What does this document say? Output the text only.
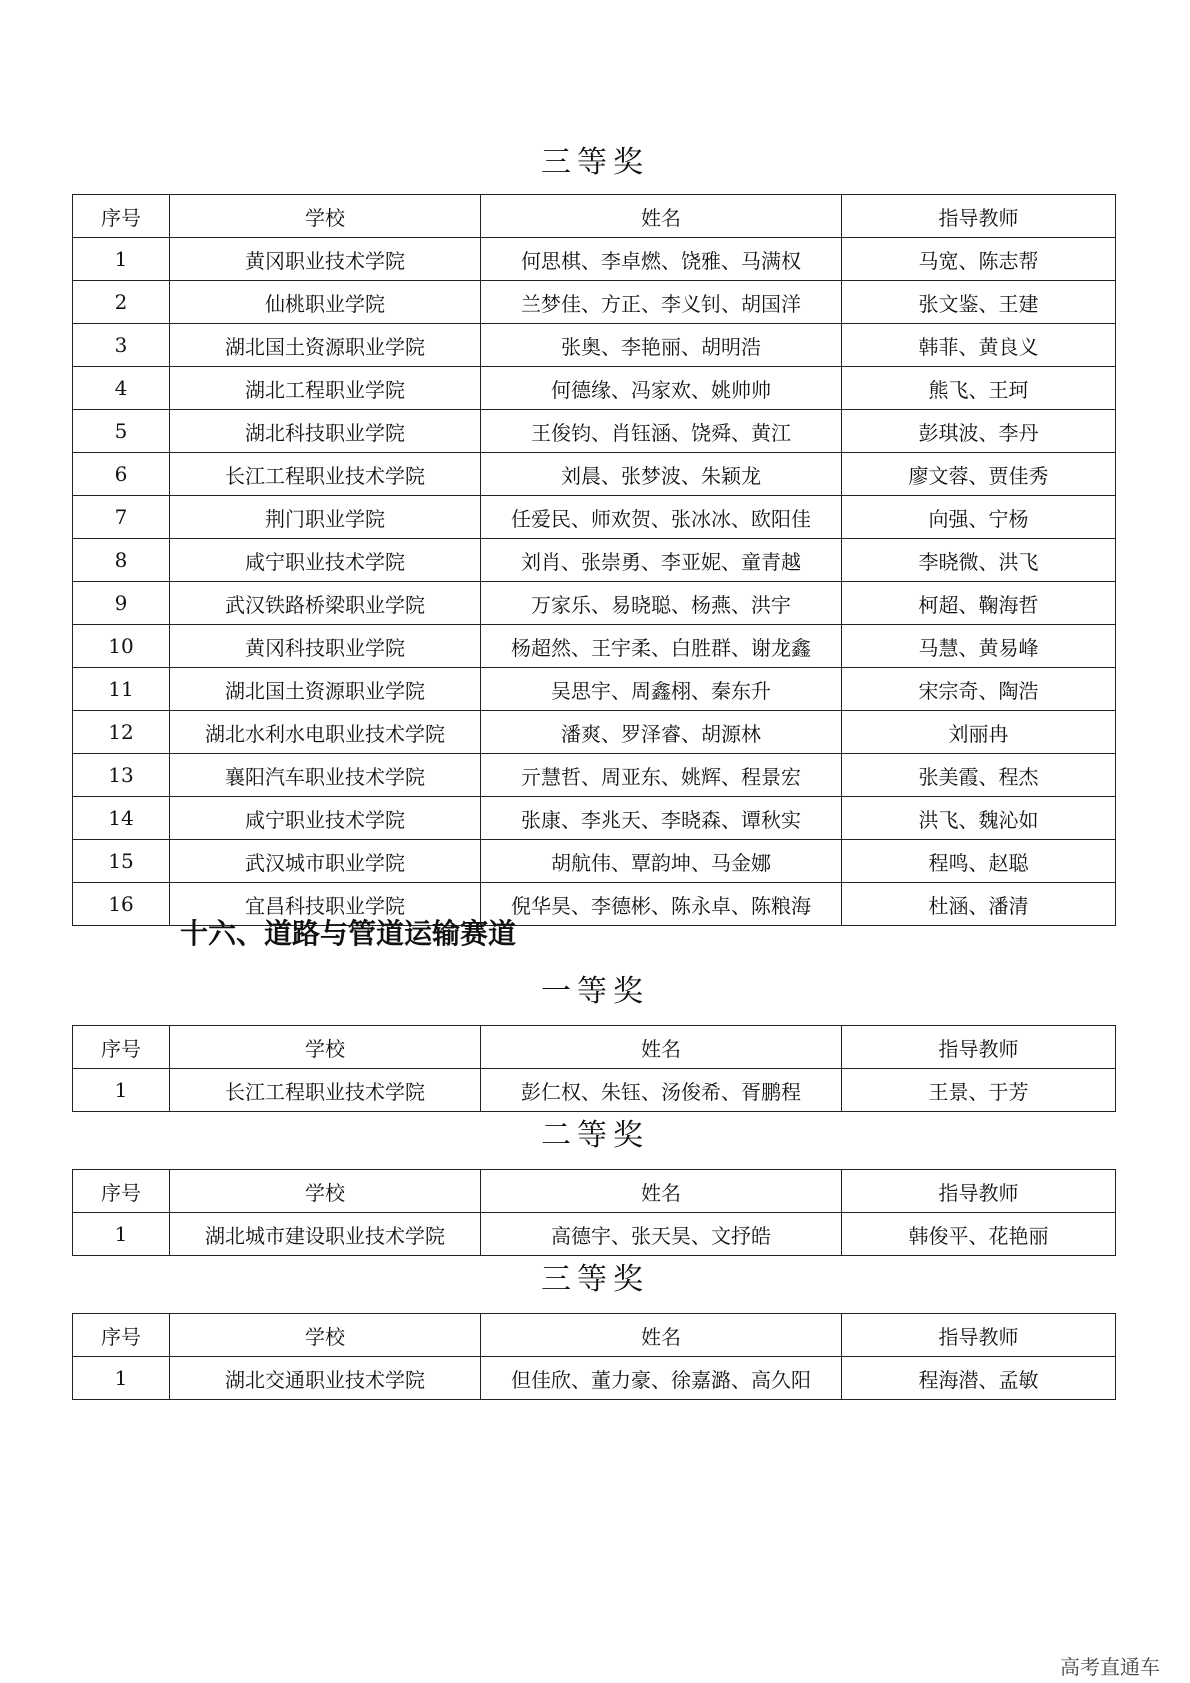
三等奖
序号	学校	姓名	指导教师
1	黄冈职业技术学院	何思棋、李卓燃、饶雅、马满权	马宽、陈志帮
2	仙桃职业学院	兰梦佳、方正、李义钊、胡国洋	张文鉴、王建
3	湖北国土资源职业学院	张奥、李艳丽、胡明浩	韩菲、黄良义
4	湖北工程职业学院	何德缘、冯家欢、姚帅帅	熊飞、王珂
5	湖北科技职业学院	王俊钧、肖钰涵、饶舜、黄江	彭琪波、李丹
6	长江工程职业技术学院	刘晨、张梦波、朱颖龙	廖文蓉、贾佳秀
7	荆门职业学院	任爱民、师欢贺、张冰冰、欧阳佳	向强、宁杨
8	咸宁职业技术学院	刘肖、张崇勇、李亚妮、童青越	李晓微、洪飞
9	武汉铁路桥梁职业学院	万家乐、易晓聪、杨燕、洪宇	柯超、鞠海哲
10	黄冈科技职业学院	杨超然、王宇柔、白胜群、谢龙鑫	马慧、黄易峰
11	湖北国土资源职业学院	吴思宇、周鑫栩、秦东升	宋宗奇、陶浩
12	湖北水利水电职业技术学院	潘爽、罗泽睿、胡源林	刘丽冉
13	襄阳汽车职业技术学院	亓慧哲、周亚东、姚辉、程景宏	张美霞、程杰
14	咸宁职业技术学院	张康、李兆天、李晓森、谭秋实	洪飞、魏沁如
15	武汉城市职业学院	胡航伟、覃韵坤、马金娜	程鸣、赵聪
16	宜昌科技职业学院	倪华昊、李德彬、陈永卓、陈粮海	杜涵、潘清
十六、道路与管道运输赛道
一等奖
序号	学校	姓名	指导教师
1	长江工程职业技术学院	彭仁权、朱钰、汤俊希、胥鹏程	王景、于芳
二等奖
序号	学校	姓名	指导教师
1	湖北城市建设职业技术学院	高德宇、张天昊、文抒皓	韩俊平、花艳丽
三等奖
序号	学校	姓名	指导教师
1	湖北交通职业技术学院	但佳欣、董力豪、徐嘉潞、高久阳	程海潜、孟敏
高考直通车
